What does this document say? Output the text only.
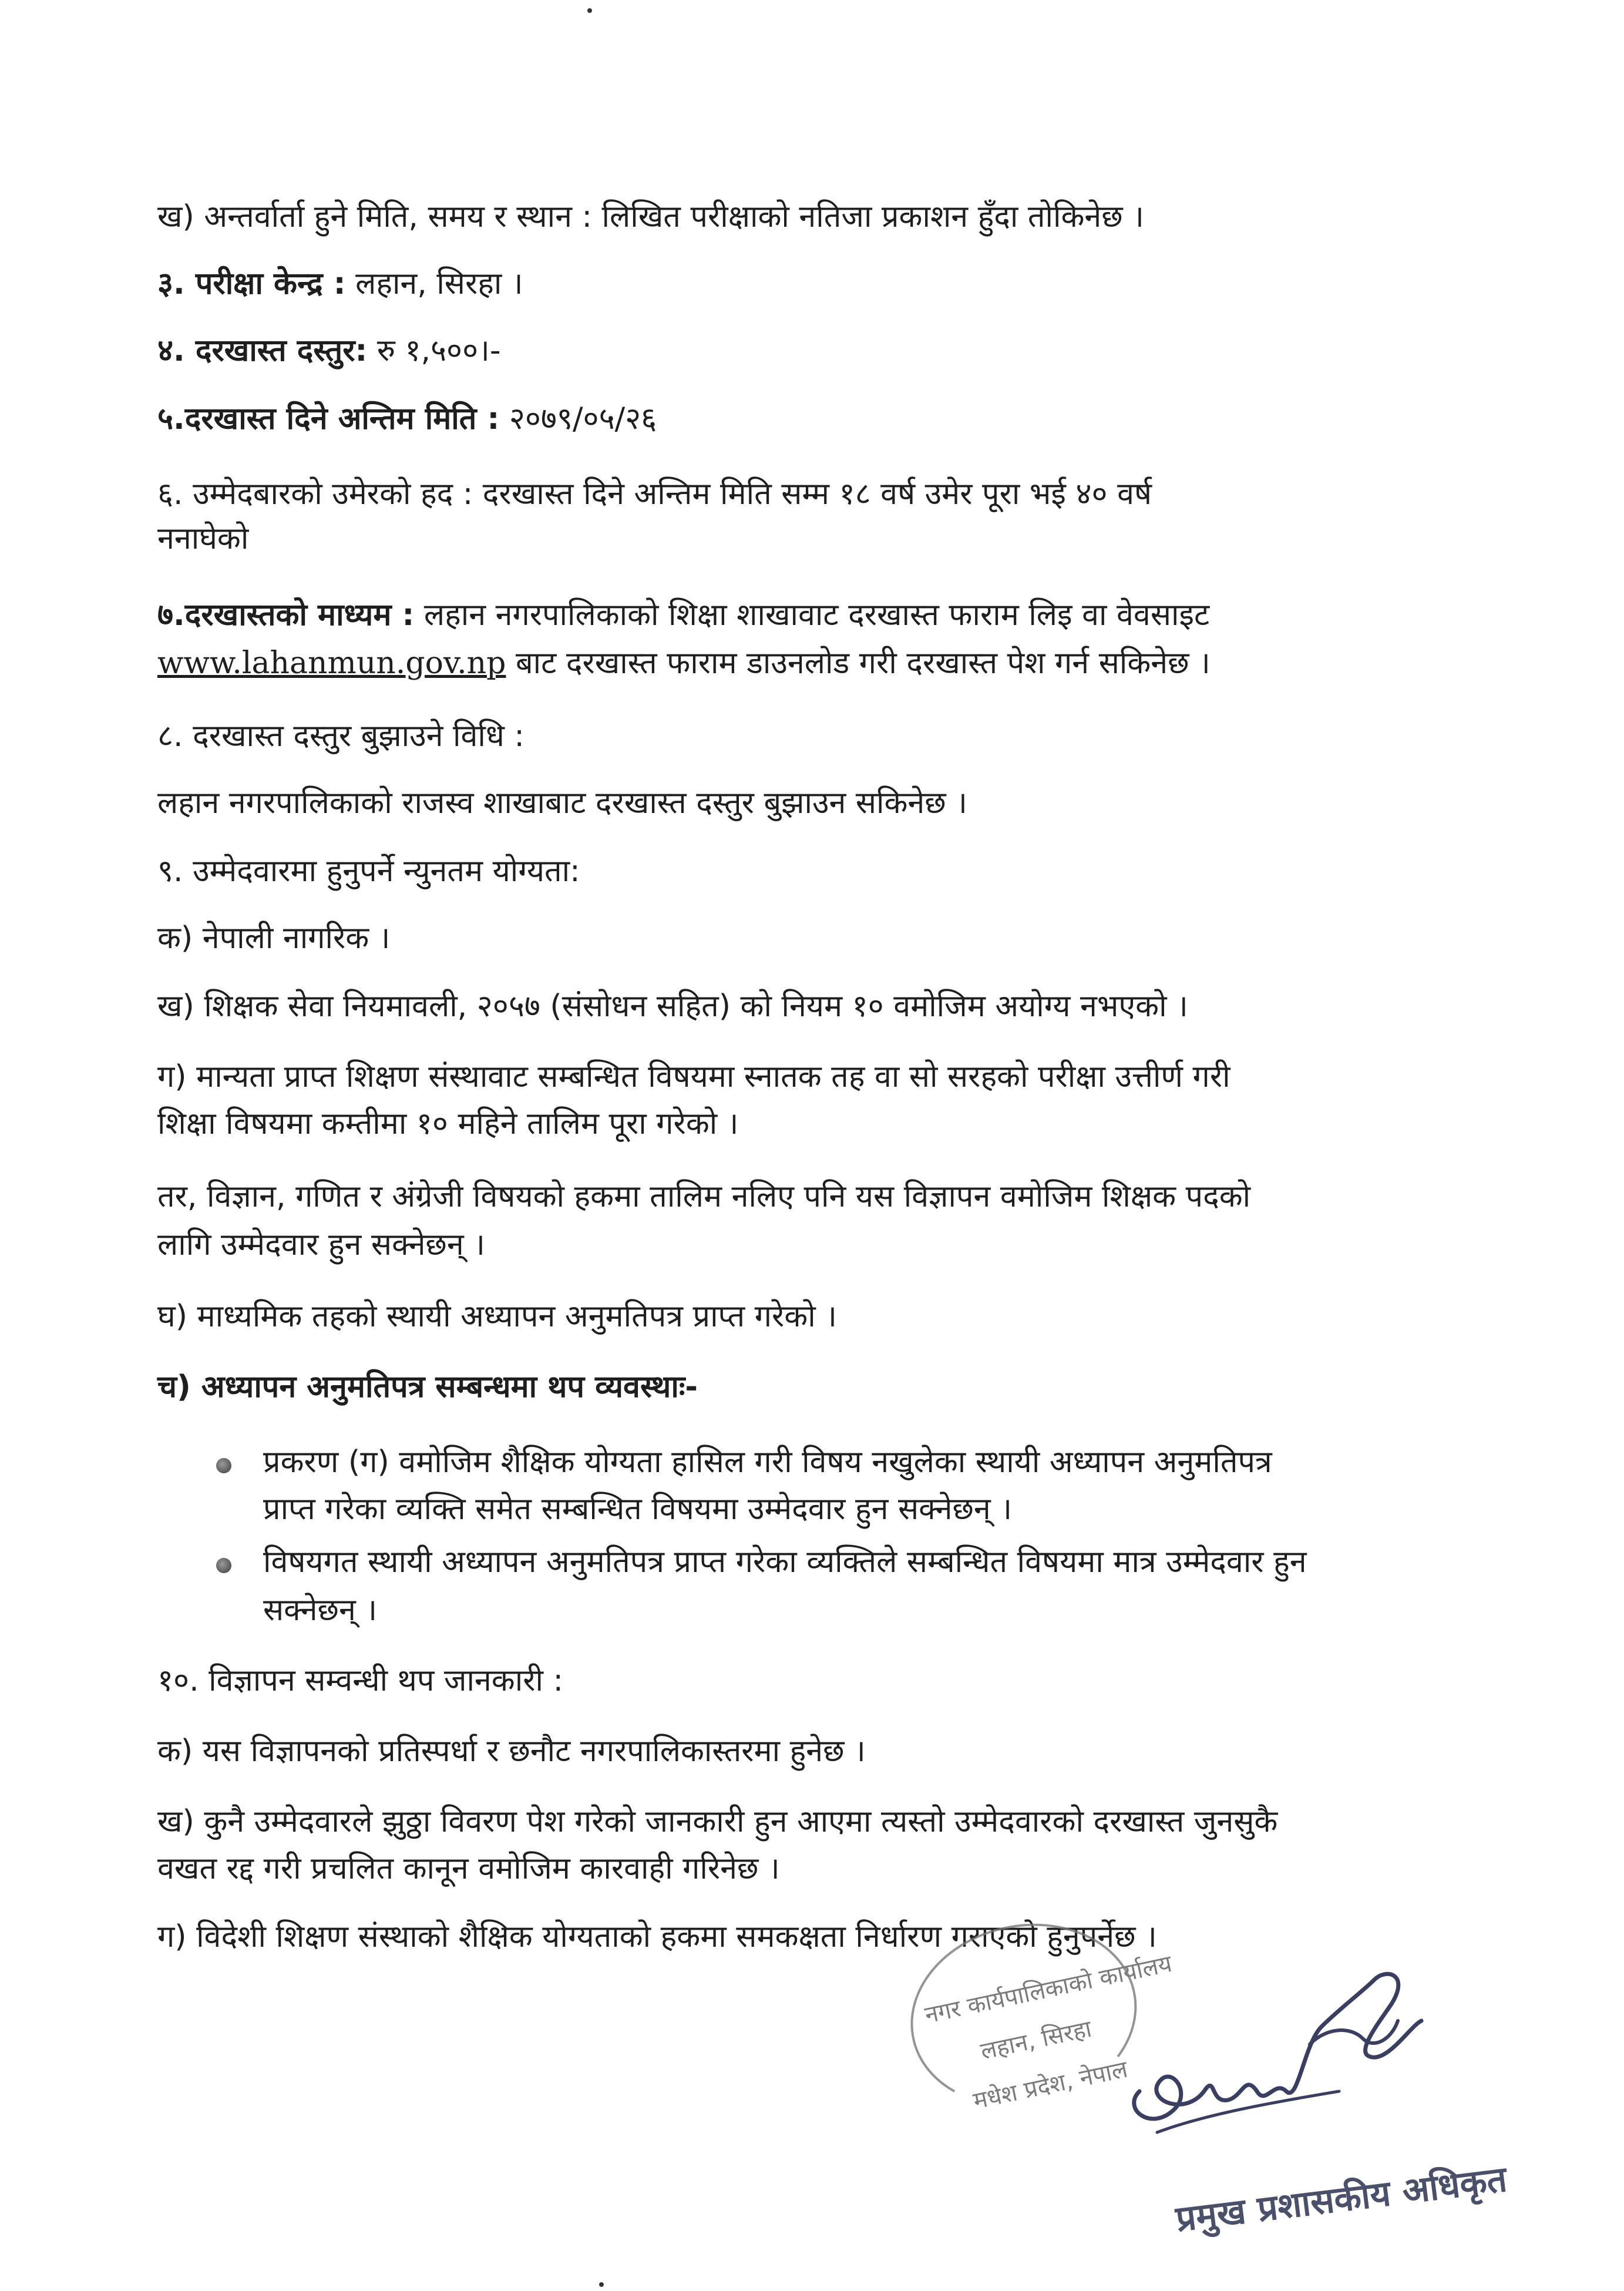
ख) अन्तर्वार्ता हुने मिति, समय र स्थान : लिखित परीक्षाको नतिजा प्रकाशन हुँदा तोकिनेछ ।
३. परीक्षा केन्द्र : लहान, सिरहा ।
४. दरखास्त दस्तुर: रु १,५००।-
५.दरखास्त दिने अन्तिम मिति : २०७९/०५/२६
६. उम्मेदबारको उमेरको हद : दरखास्त दिने अन्तिम मिति सम्म १८ वर्ष उमेर पूरा भई ४० वर्ष
ननाघेको
७.दरखास्तको माध्यम : लहान नगरपालिकाको शिक्षा शाखावाट दरखास्त फाराम लिइ वा वेवसाइट
www.lahanmun.gov.np बाट दरखास्त फाराम डाउनलोड गरी दरखास्त पेश गर्न सकिनेछ ।
८. दरखास्त दस्तुर बुझाउने विधि :
लहान नगरपालिकाको राजस्व शाखाबाट दरखास्त दस्तुर बुझाउन सकिनेछ ।
९. उम्मेदवारमा हुनुपर्ने न्युनतम योग्यता:
क) नेपाली नागरिक ।
ख) शिक्षक सेवा नियमावली, २०५७ (संसोधन सहित) को नियम १० वमोजिम अयोग्य नभएको ।
ग) मान्यता प्राप्त शिक्षण संस्थावाट सम्बन्धित विषयमा स्नातक तह वा सो सरहको परीक्षा उत्तीर्ण गरी
शिक्षा विषयमा कम्तीमा १० महिने तालिम पूरा गरेको ।
तर, विज्ञान, गणित र अंग्रेजी विषयको हकमा तालिम नलिए पनि यस विज्ञापन वमोजिम शिक्षक पदको
लागि उम्मेदवार हुन सक्नेछन् ।
घ) माध्यमिक तहको स्थायी अध्यापन अनुमतिपत्र प्राप्त गरेको ।
च) अध्यापन अनुमतिपत्र सम्बन्धमा थप व्यवस्थाः-
प्रकरण (ग) वमोजिम शैक्षिक योग्यता हासिल गरी विषय नखुलेका स्थायी अध्यापन अनुमतिपत्र
प्राप्त गरेका व्यक्ति समेत सम्बन्धित विषयमा उम्मेदवार हुन सक्नेछन् ।
विषयगत स्थायी अध्यापन अनुमतिपत्र प्राप्त गरेका व्यक्तिले सम्बन्धित विषयमा मात्र उम्मेदवार हुन
सक्नेछन् ।
१०. विज्ञापन सम्वन्धी थप जानकारी :
क) यस विज्ञापनको प्रतिस्पर्धा र छनौट नगरपालिकास्तरमा हुनेछ ।
ख) कुनै उम्मेदवारले झुठ्ठा विवरण पेश गरेको जानकारी हुन आएमा त्यस्तो उम्मेदवारको दरखास्त जुनसुकै
वखत रद्द गरी प्रचलित कानून वमोजिम कारवाही गरिनेछ ।
ग) विदेशी शिक्षण संस्थाको शैक्षिक योग्यताको हकमा समकक्षता निर्धारण गराएको हुनुपर्नेछ ।
नगर कार्यपालिकाको कार्यालय
लहान, सिरहा
मधेश प्रदेश, नेपाल
प्रमुख प्रशासकीय अधिकृत
